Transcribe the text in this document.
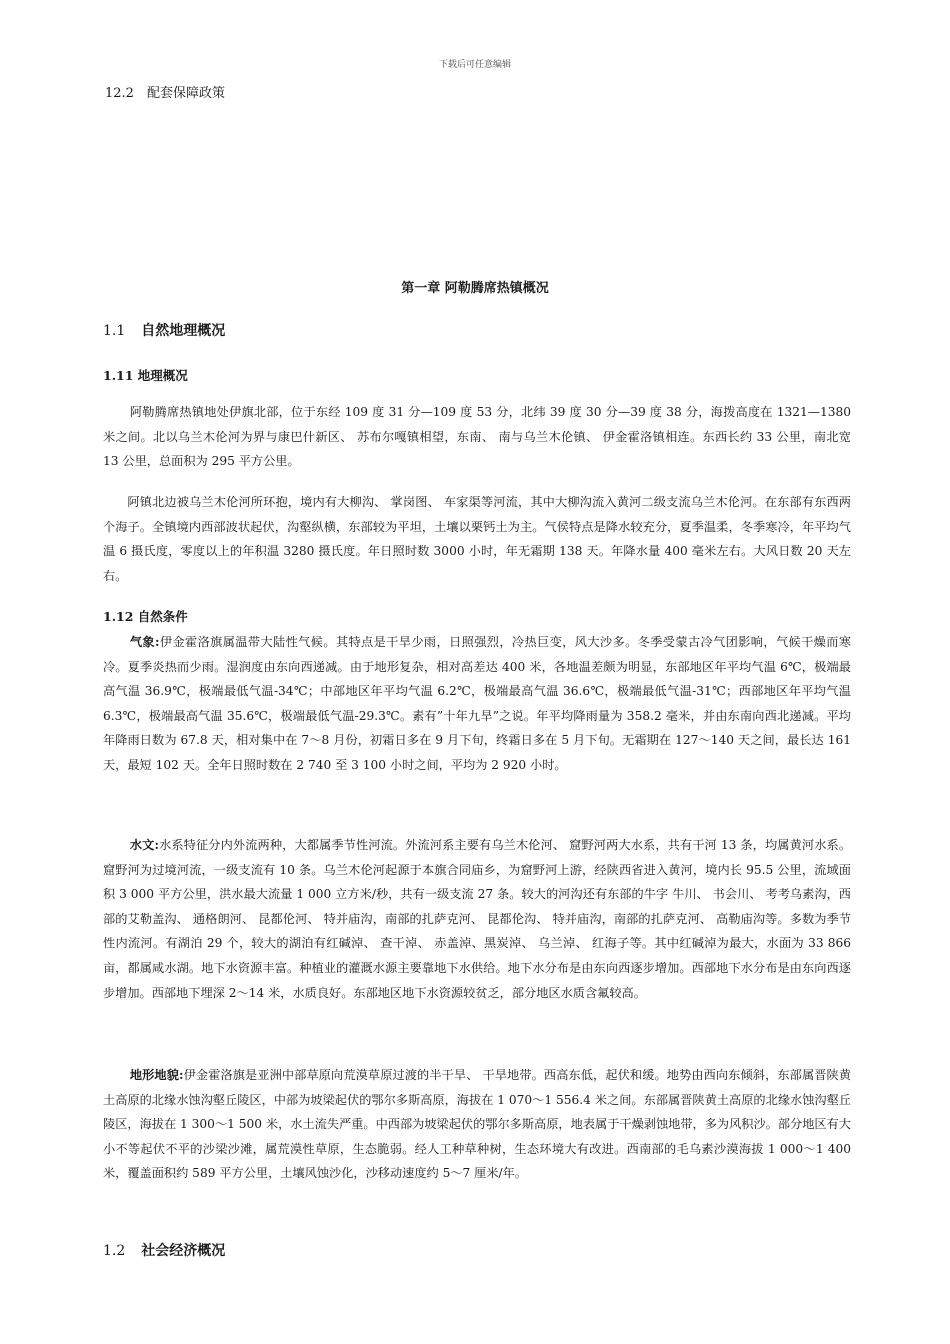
下载后可任意编辑
12.2　配套保障政策
第一章 阿勒腾席热镇概况
1.1 自然地理概况
1.11 地理概况
阿勒腾席热镇地处伊旗北部，位于东经 109 度 31 分—109 度 53 分，北纬 39 度 30 分—39 度 38 分，海拨高度在 1321—1380 米之间。北以乌兰木伦河为界与康巴什新区、 苏布尔嘎镇相望，东南、 南与乌兰木伦镇、 伊金霍洛镇相连。东西长约 33 公里，南北宽 13 公里，总面积为 295 平方公里。
阿镇北边被乌兰木伦河所环抱，境内有大柳沟、 掌岗图、 车家渠等河流，其中大柳沟流入黄河二级支流乌兰木伦河。在东部有东西两个海子。全镇境内西部波状起伏，沟壑纵横，东部较为平坦，土壤以栗钙土为主。气侯特点是降水较充分，夏季温柔，冬季寒冷，年平均气温 6 摄氏度，零度以上的年积温 3280 摄氏度。年日照时数 3000 小时，年无霜期 138 天。年降水量 400 毫米左右。大风日数 20 天左右。
1.12 自然条件
气象:伊金霍洛旗属温带大陆性气候。其特点是干旱少雨，日照强烈，冷热巨变，风大沙多。冬季受蒙古冷气团影响，气候干燥而寒冷。夏季炎热而少雨。湿润度由东向西递减。由于地形复杂，相对高差达 400 米，各地温差颇为明显，东部地区年平均气温 6℃，极端最高气温 36.9℃，极端最低气温-34℃；中部地区年平均气温 6.2℃，极端最高气温 36.6℃，极端最低气温-31℃；西部地区年平均气温 6.3℃，极端最高气温 35.6℃，极端最低气温-29.3℃。素有”十年九旱”之说。年平均降雨量为 358.2 毫米，并由东南向西北递减。平均年降雨日数为 67.8 天，相对集中在 7～8 月份，初霜日多在 9 月下旬，终霜日多在 5 月下旬。无霜期在 127～140 天之间，最长达 161 天，最短 102 天。全年日照时数在 2 740 至 3 100 小时之间，平均为 2 920 小时。
水文:水系特征分内外流两种，大都属季节性河流。外流河系主要有乌兰木伦河、 窟野河两大水系，共有干河 13 条，均属黄河水系。窟野河为过境河流，一级支流有 10 条。乌兰木伦河起源于本旗合同庙乡，为窟野河上游，经陕西省进入黄河，境内长 95.5 公里，流域面积 3 000 平方公里，洪水最大流量 1 000 立方米/秒，共有一级支流 27 条。较大的河沟还有东部的牛字 牛川、 书会川、 考考乌素沟，西部的艾勒盖沟、 通格朗河、 昆都伦河、 特并庙沟，南部的扎萨克河、 昆都伦沟、 特并庙沟，南部的扎萨克河、 高勒庙沟等。多数为季节性内流河。有湖泊 29 个，较大的湖泊有红碱淖、 查干淖、 赤盖淖、黑炭淖、 乌兰淖、 红海子等。其中红碱淖为最大，水面为 33 866 亩，都属咸水湖。地下水资源丰富。种植业的灌溉水源主要靠地下水供给。地下水分布是由东向西逐步增加。西部地下水分布是由东向西逐步增加。西部地下埋深 2～14 米，水质良好。东部地区地下水资源较贫乏，部分地区水质含氟较高。
地形地貌:伊金霍洛旗是亚洲中部草原向荒漠草原过渡的半干旱、 干旱地带。西高东低，起伏和缓。地势由西向东倾斜，东部属晋陕黄土高原的北缘水蚀沟壑丘陵区，中部为坡梁起伏的鄂尔多斯高原，海拔在 1 070～1 556.4 米之间。东部属晋陕黄土高原的北缘水蚀沟壑丘陵区，海拔在 1 300～1 500 米，水土流失严重。中西部为坡梁起伏的鄂尔多斯高原，地表属于干燥剥蚀地带，多为风积沙。部分地区有大小不等起伏不平的沙梁沙滩，属荒漠性草原，生态脆弱。经人工种草种树，生态环境大有改进。西南部的毛乌素沙漠海拔 1 000～1 400 米，覆盖面积约 589 平方公里，土壤风蚀沙化，沙移动速度约 5～7 厘米/年。
1.2 社会经济概况
